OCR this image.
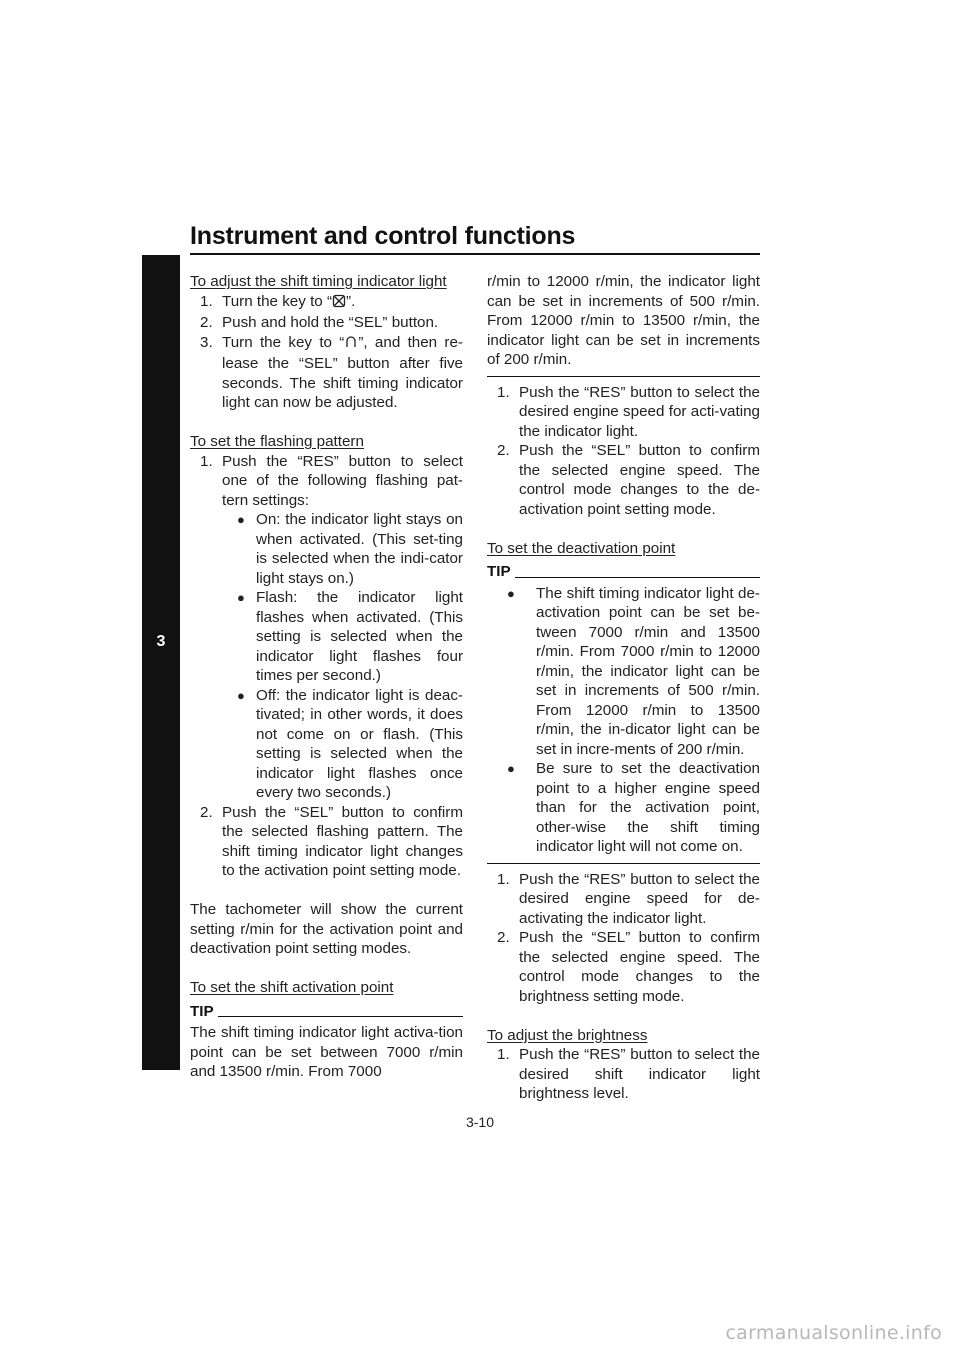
Instrument and control functions
3

To adjust the shift timing indicator light

1. Turn the key to “ ”.
2. Push and hold the “SEL” button.
3. Turn the key to “ ”, and then re-lease the “SEL” button after five seconds. The shift timing indicator light can now be adjusted.

To set the flashing pattern

1. Push the “RES” button to select one of the following flashing pat-tern settings:
● On: the indicator light stays on when activated. (This set-ting is selected when the indi-cator light stays on.)
● Flash: the indicator light flashes when activated. (This setting is selected when the indicator light flashes four times per second.)
● Off: the indicator light is deac-tivated; in other words, it does not come on or flash. (This setting is selected when the indicator light flashes once every two seconds.)
2. Push the “SEL” button to confirm the selected flashing pattern. The shift timing indicator light changes to the activation point setting mode.

The tachometer will show the current setting r/min for the activation point and deactivation point setting modes.

To set the shift activation point

TIP

The shift timing indicator light activa-tion point can be set between 7000 r/min and 13500 r/min. From 7000

r/min to 12000 r/min, the indicator light can be set in increments of 500 r/min. From 12000 r/min to 13500 r/min, the indicator light can be set in increments of 200 r/min.

1. Push the “RES” button to select the desired engine speed for acti-vating the indicator light.
2. Push the “SEL” button to confirm the selected engine speed. The control mode changes to the de-activation point setting mode.

To set the deactivation point

TIP
● The shift timing indicator light de-activation point can be set be-tween 7000 r/min and 13500 r/min. From 7000 r/min to 12000 r/min, the indicator light can be set in increments of 500 r/min. From 12000 r/min to 13500 r/min, the in-dicator light can be set in incre-ments of 200 r/min.
● Be sure to set the deactivation point to a higher engine speed than for the activation point, other-wise the shift timing indicator light will not come on.
1. Push the “RES” button to select the desired engine speed for de-activating the indicator light.
2. Push the “SEL” button to confirm the selected engine speed. The control mode changes to the brightness setting mode.

To adjust the brightness

1. Push the “RES” button to select the desired shift indicator light brightness level.
3-10
carmanualsonline.info
